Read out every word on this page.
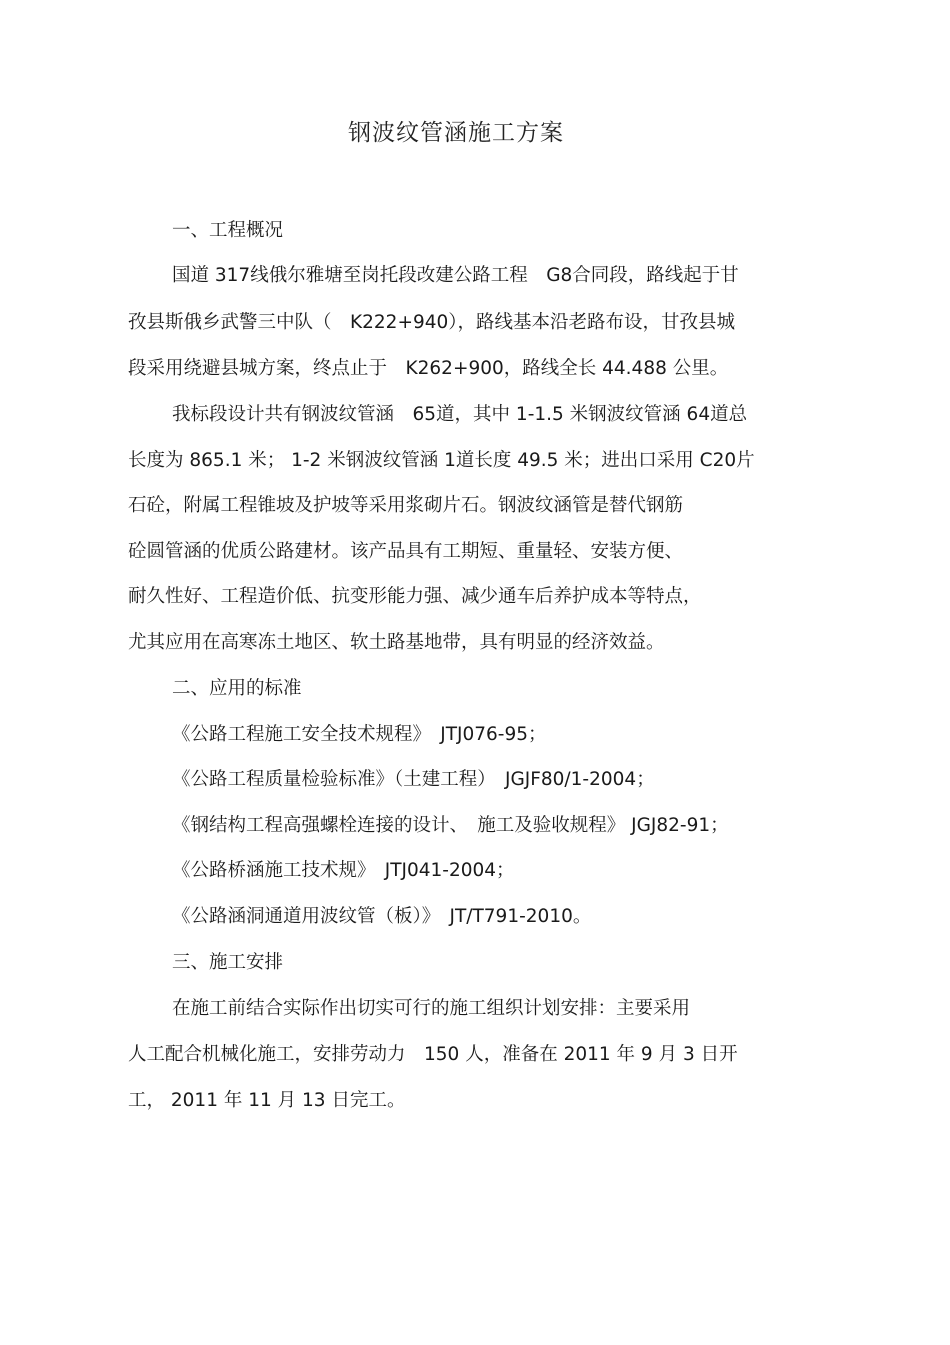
钢波纹管涵施工方案
一、工程概况
国道 317线俄尔雅塘至岗托段改建公路工程　G8合同段，路线起于甘
孜县斯俄乡武警三中队（　K222+940），路线基本沿老路布设，甘孜县城
段采用绕避县城方案，终点止于　K262+900，路线全长 44.488 公里。
我标段设计共有钢波纹管涵　65道，其中 1-1.5 米钢波纹管涵 64道总
长度为 865.1 米； 1-2 米钢波纹管涵 1道长度 49.5 米；进出口采用 C20片
石砼，附属工程锥坡及护坡等采用浆砌片石。钢波纹涵管是替代钢筋
砼圆管涵的优质公路建材。该产品具有工期短、重量轻、安装方便、
耐久性好、工程造价低、抗变形能力强、减少通车后养护成本等特点，
尤其应用在高寒冻土地区、软土路基地带，具有明显的经济效益。
二、应用的标准
《公路工程施工安全技术规程》　JTJ076-95；
《公路工程质量检验标准》（土建工程）　JGJF80/1-2004；
《钢结构工程高强螺栓连接的设计、　施工及验收规程》 JGJ82-91；
《公路桥涵施工技术规》　JTJ041-2004；
《公路涵洞通道用波纹管（板）》　JT/T791-2010。
三、施工安排
在施工前结合实际作出切实可行的施工组织计划安排：主要采用
人工配合机械化施工，安排劳动力　150 人，准备在 2011 年 9 月 3 日开
工， 2011 年 11 月 13 日完工。
